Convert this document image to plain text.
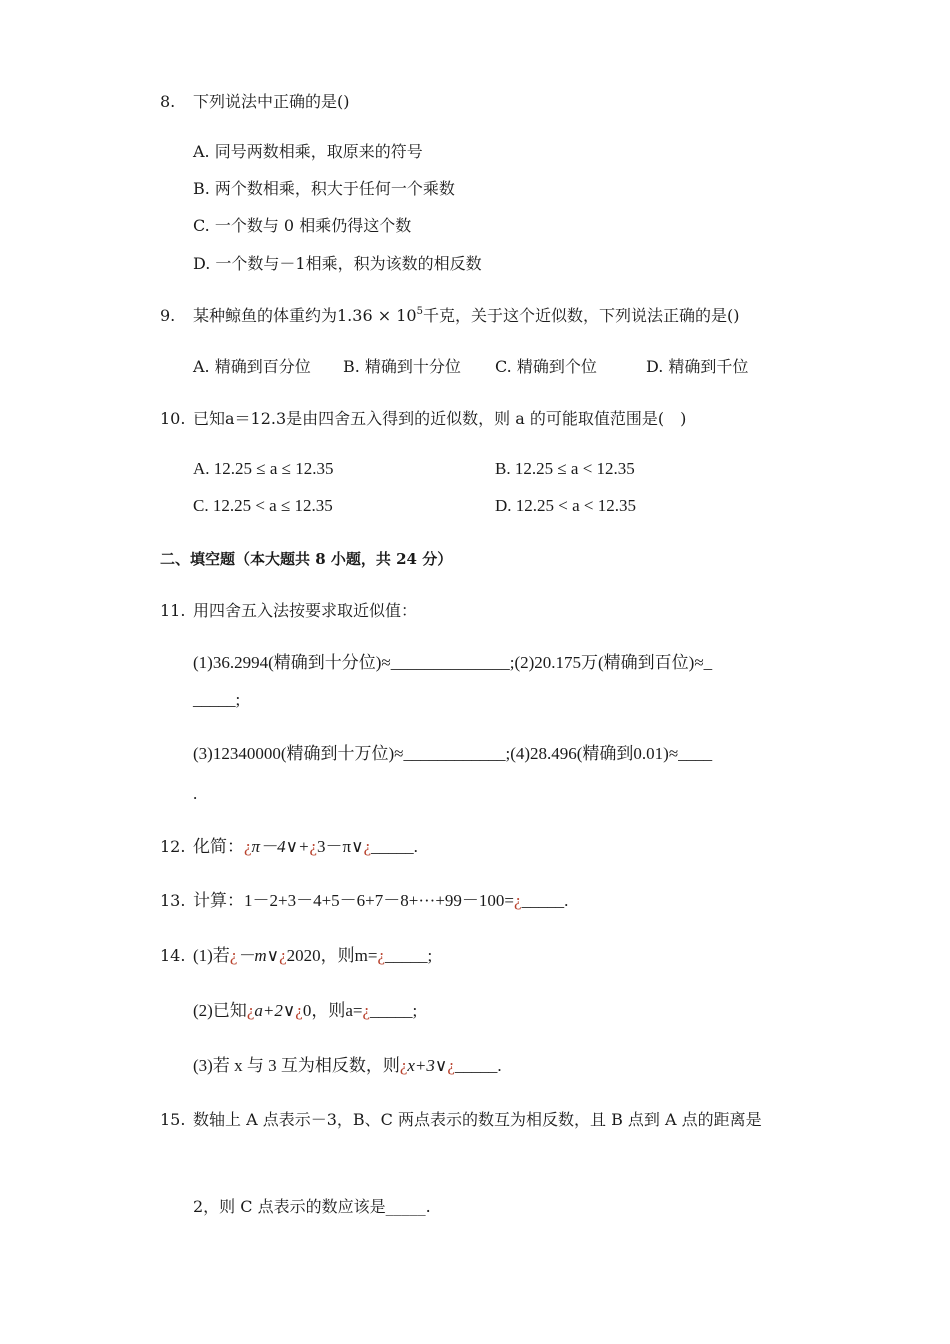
8. 下列说法中正确的是()
A. 同号两数相乘，取原来的符号
B. 两个数相乘，积大于任何一个乘数
C. 一个数与 0 相乘仍得这个数
D. 一个数与－1相乘，积为该数的相反数
9. 某种鲸鱼的体重约为$1.36 \times 10^5$千克，关于这个近似数，下列说法正确的是()
A. 精确到百分位 B. 精确到十分位 C. 精确到个位	D. 精确到千位
10. 已知a＝12.3是由四舍五入得到的近似数，则 a 的可能取值范围是(　)
A. 12.25 ≤ a ≤ 12.35	B. 12.25 ≤ a < 12.35
C. 12.25 < a ≤ 12.35	D. 12.25 < a < 12.35
二、填空题（本大题共 8 小题，共 24 分）
11. 用四舍五入法按要求取近似值：
(1)36.2994(精确到十分位)≈______________;(2)20.175万(精确到百位)≈_
_____;
(3)12340000(精确到十万位)≈____________;(4)28.496(精确到0.01)≈____
.
12. 化简：¿π－4∨+¿3－π∨¿_____.
13. 计算：1－2+3－4+5－6+7－8+···+99－100=¿_____.
14. (1)若¿－m∨¿2020，则m=¿_____;
(2)已知¿a+2∨¿0，则a=¿_____;
(3)若 x 与 3 互为相反数，则¿x+3∨¿_____.
15. 数轴上 A 点表示－3，B、C 两点表示的数互为相反数，且 B 点到 A 点的距离是
2，则 C 点表示的数应该是_____.
